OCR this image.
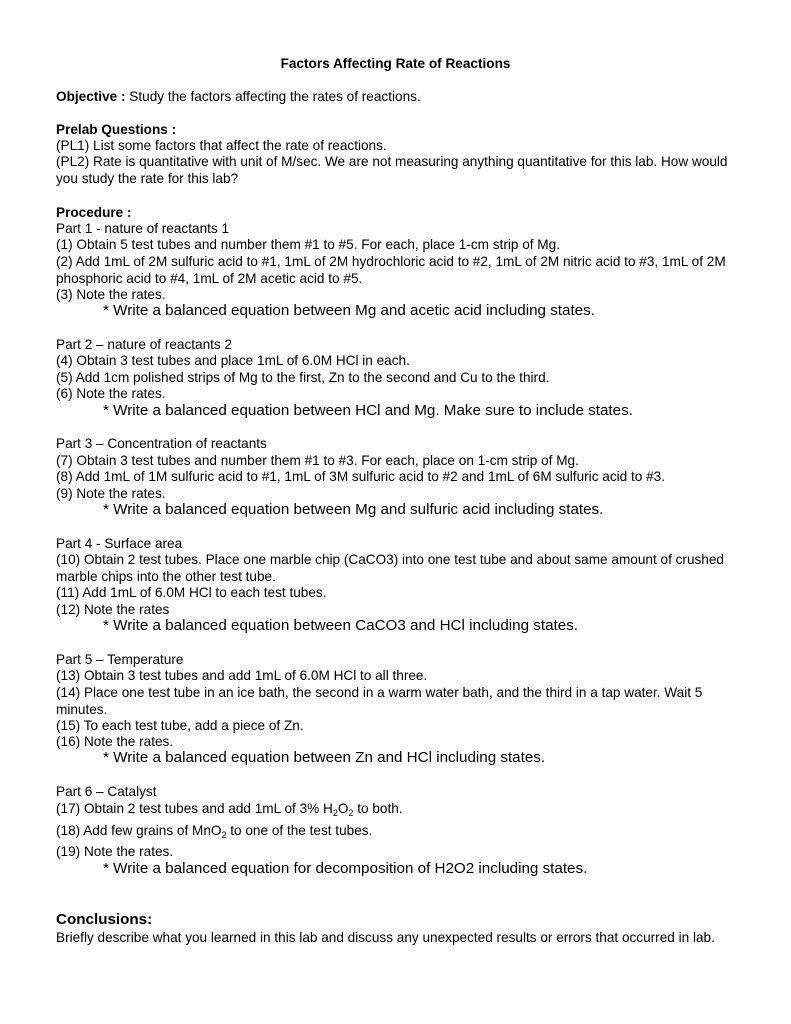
Factors Affecting Rate of Reactions
Objective : Study the factors affecting the rates of reactions.
Prelab Questions :
(PL1) List some factors that affect the rate of reactions.
(PL2) Rate is quantitative with unit of M/sec. We are not measuring anything quantitative for this lab. How would you study the rate for this lab?
Procedure :
Part 1 - nature of reactants 1
(1) Obtain 5 test tubes and number them #1 to #5. For each, place 1-cm strip of Mg.
(2) Add 1mL of 2M sulfuric acid to #1, 1mL of 2M hydrochloric acid to #2, 1mL of 2M nitric acid to #3, 1mL of 2M phosphoric acid to #4, 1mL of 2M acetic acid to #5.
(3) Note the rates.
* Write a balanced equation between Mg and acetic acid including states.
Part 2 – nature of reactants 2
(4) Obtain 3 test tubes and place 1mL of 6.0M HCl in each.
(5) Add 1cm polished strips of Mg to the first, Zn to the second and Cu to the third.
(6) Note the rates.
* Write a balanced equation between HCl and Mg. Make sure to include states.
Part 3 – Concentration of reactants
(7) Obtain 3 test tubes and number them #1 to #3. For each, place on 1-cm strip of Mg.
(8) Add 1mL of 1M sulfuric acid to #1, 1mL of 3M sulfuric acid to #2 and 1mL of 6M sulfuric acid to #3.
(9) Note the rates.
* Write a balanced equation between Mg and sulfuric acid including states.
Part 4 - Surface area
(10) Obtain 2 test tubes. Place one marble chip (CaCO3) into one test tube and about same amount of crushed marble chips into the other test tube.
(11) Add 1mL of 6.0M HCl to each test tubes.
(12) Note the rates
* Write a balanced equation between CaCO3 and HCl including states.
Part 5 – Temperature
(13) Obtain 3 test tubes and add 1mL of 6.0M HCl to all three.
(14) Place one test tube in an ice bath, the second in a warm water bath, and the third in a tap water. Wait 5 minutes.
(15) To each test tube, add a piece of Zn.
(16) Note the rates.
* Write a balanced equation between Zn and HCl including states.
Part 6 – Catalyst
(17) Obtain 2 test tubes and add 1mL of 3% $H_2O_2$ to both.
(18) Add few grains of MnO$_2$ to one of the test tubes.
(19) Note the rates.
* Write a balanced equation for decomposition of H2O2 including states.
Conclusions:
Briefly describe what you learned in this lab and discuss any unexpected results or errors that occurred in lab.
